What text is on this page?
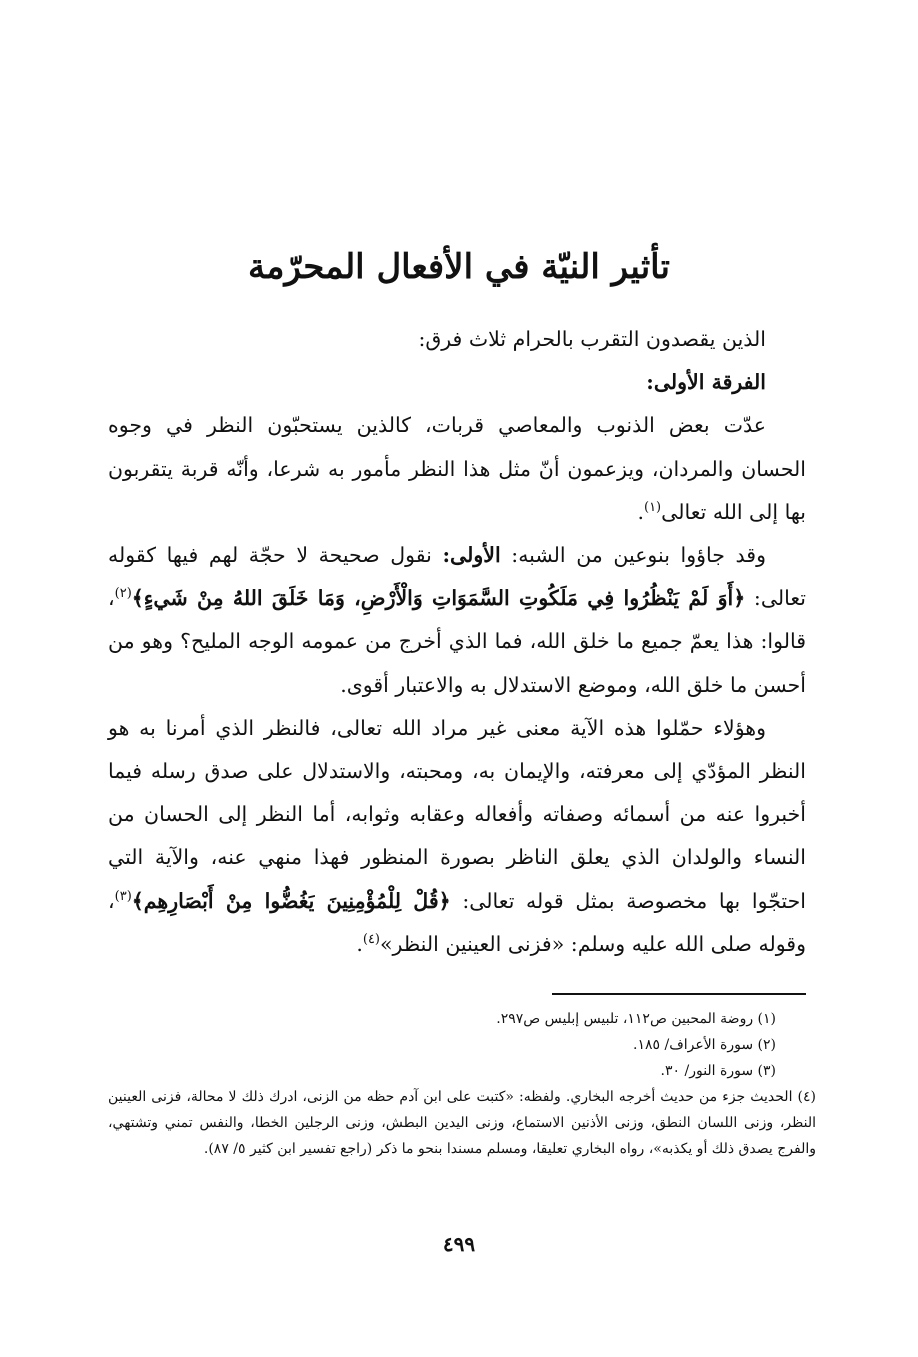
تأثير النيّة في الأفعال المحرّمة

الذين يقصدون التقرب بالحرام ثلاث فرق:

الفرقة الأولى:

عدّت بعض الذنوب والمعاصي قربات، كالذين يستحبّون النظر في وجوه الحسان والمردان، ويزعمون أنّ مثل هذا النظر مأمور به شرعا، وأنّه قربة يتقربون بها إلى الله تعالى$^{(١)}$.

وقد جاؤوا بنوعين من الشبه: الأولى: نقول صحيحة لا حجّة لهم فيها كقوله تعالى: ﴿أَوَ لَمْ يَنْظُرُوا فِي مَلَكُوتِ السَّمَوَاتِ وَالْأَرْضِ، وَمَا خَلَقَ اللهُ مِنْ شَيءٍ﴾$^{(٢)}$، قالوا: هذا يعمّ جميع ما خلق الله، فما الذي أخرج من عمومه الوجه المليح؟ وهو من أحسن ما خلق الله، وموضع الاستدلال به والاعتبار أقوى.

وهؤلاء حمّلوا هذه الآية معنى غير مراد الله تعالى، فالنظر الذي أمرنا به هو النظر المؤدّي إلى معرفته، والإيمان به، ومحبته، والاستدلال على صدق رسله فيما أخبروا عنه من أسمائه وصفاته وأفعاله وعقابه وثوابه، أما النظر إلى الحسان من النساء والولدان الذي يعلق الناظر بصورة المنظور فهذا منهي عنه، والآية التي احتجّوا بها مخصوصة بمثل قوله تعالى: ﴿قُلْ لِلْمُؤْمِنِينَ يَغُضُّوا مِنْ أَبْصَارِهِم﴾$^{(٣)}$، وقوله صلى الله عليه وسلم: «فزنى العينين النظر»$^{(٤)}$.

(١) روضة المحبين ص١١٢، تلبيس إبليس ص٢٩٧.

(٢) سورة الأعراف/ ١٨٥.

(٣) سورة النور/ ٣٠.

(٤) الحديث جزء من حديث أخرجه البخاري. ولفظه: «كتبت على ابن آدم حظه من الزنى، ادرك ذلك لا محالة، فزنى العينين النظر، وزنى اللسان النطق، وزنى الأذنين الاستماع، وزنى اليدين البطش، وزنى الرجلين الخطا، والنفس تمني وتشتهي، والفرج يصدق ذلك أو يكذبه»، رواه البخاري تعليقا، ومسلم مسندا بنحو ما ذكر (راجع تفسير ابن كثير ٥/ ٨٧).

٤٩٩
